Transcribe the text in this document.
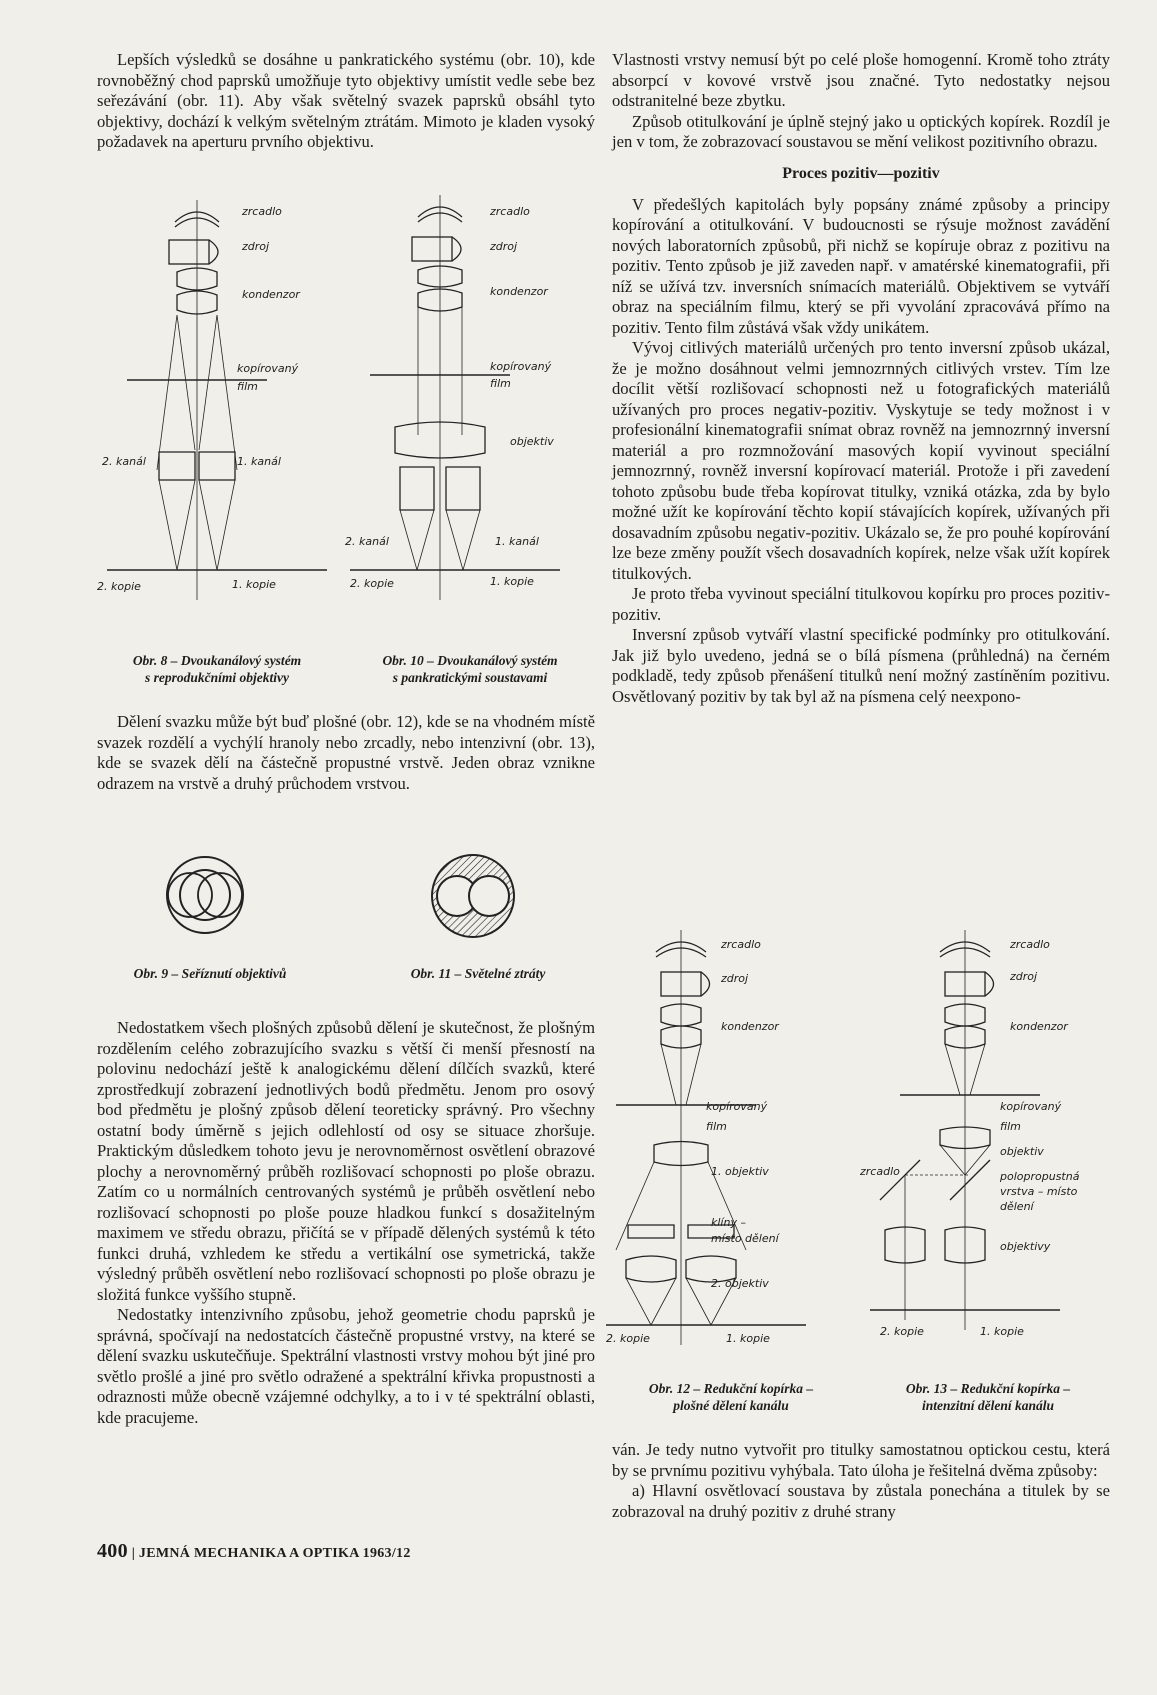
Lepších výsledků se dosáhne u pankratického systému (obr. 10), kde rovnoběžný chod paprsků umožňuje tyto objektivy umístit vedle sebe bez seřezávání (obr. 11). Aby však světelný svazek paprsků obsáhl tyto objektivy, dochází k velkým světelným ztrátám. Mimoto je kladen vysoký požadavek na aperturu prvního objektivu.

zrcadlo
zdroj
kondenzor
kopírovaný
film
2. kanál	1. kanál
2. kopie	1. kopie
zrcadlo
zdroj
kondenzor
kopírovaný
film
objektiv
2. kanál	1. kanál
2. kopie	1. kopie
Obr. 8 – Dvoukanálový systém
s reprodukčními objektivy
Obr. 10 – Dvoukanálový systém
s pankratickými soustavami

Dělení svazku může být buď plošné (obr. 12), kde se na vhodném místě svazek rozdělí a vychýlí hranoly nebo zrcadly, nebo intenzivní (obr. 13), kde se svazek dělí na částečně propustné vrstvě. Jeden obraz vznikne odrazem na vrstvě a druhý průchodem vrstvou.

Obr. 9 – Seříznutí objektivů	Obr. 11 – Světelné ztráty

Nedostatkem všech plošných způsobů dělení je skutečnost, že plošným rozdělením celého zobrazujícího svazku s větší či menší přesností na polovinu nedochází ještě k analogickému dělení dílčích svazků, které zprostředkují zobrazení jednotlivých bodů předmětu. Jenom pro osový bod předmětu je plošný způsob dělení teoreticky správný. Pro všechny ostatní body úměrně s jejich odlehlostí od osy se situace zhoršuje. Praktickým důsledkem tohoto jevu je nerovnoměrnost osvětlení obrazové plochy a nerovnoměrný průběh rozlišovací schopnosti po ploše obrazu. Zatím co u normálních centrovaných systémů je průběh osvětlení nebo rozlišovací schopnosti po ploše pouze hladkou funkcí s dosažitelným maximem ve středu obrazu, přičítá se v případě dělených systémů k této funkci druhá, vzhledem ke středu a vertikální ose symetrická, takže výsledný průběh osvětlení nebo rozlišovací schopnosti po ploše obrazu je složitá funkce vyššího stupně.

Nedostatky intenzivního způsobu, jehož geometrie chodu paprsků je správná, spočívají na nedostatcích částečně propustné vrstvy, na které se dělení svazku uskutečňuje. Spektrální vlastnosti vrstvy mohou být jiné pro světlo prošlé a jiné pro světlo odražené a spektrální křivka propustnosti a odraznosti může obecně vzájemné odchylky, a to i v té spektrální oblasti, kde pracujeme.

Vlastnosti vrstvy nemusí být po celé ploše homogenní. Kromě toho ztráty absorpcí v kovové vrstvě jsou značné. Tyto nedostatky nejsou odstranitelné beze zbytku.

Způsob otitulkování je úplně stejný jako u optických kopírek. Rozdíl je jen v tom, že zobrazovací soustavou se mění velikost pozitivního obrazu.

Proces pozitiv—pozitiv

V předešlých kapitolách byly popsány známé způsoby a principy kopírování a otitulkování. V budoucnosti se rýsuje možnost zavádění nových laboratorních způsobů, při nichž se kopíruje obraz z pozitivu na pozitiv. Tento způsob je již zaveden např. v amatérské kinematografii, při níž se užívá tzv. inversních snímacích materiálů. Objektivem se vytváří obraz na speciálním filmu, který se při vyvolání zpracovává přímo na pozitiv. Tento film zůstává však vždy unikátem.

Vývoj citlivých materiálů určených pro tento inversní způsob ukázal, že je možno dosáhnout velmi jemnozrnných citlivých vrstev. Tím lze docílit větší rozlišovací schopnosti než u fotografických materiálů užívaných pro proces negativ-pozitiv. Vyskytuje se tedy možnost i v profesionální kinematografii snímat obraz rovněž na jemnozrnný inversní materiál a pro rozmnožování masových kopií vyvinout speciální jemnozrnný, rovněž inversní kopírovací materiál. Protože i při zavedení tohoto způsobu bude třeba kopírovat titulky, vzniká otázka, zda by bylo možné užít ke kopírování těchto kopií stávajících kopírek, užívaných při dosavadním způsobu negativ-pozitiv. Ukázalo se, že pro pouhé kopírování lze beze změny použít všech dosavadních kopírek, nelze však užít kopírek titulkových.

Je proto třeba vyvinout speciální titulkovou kopírku pro proces pozitiv-pozitiv.

Inversní způsob vytváří vlastní specifické podmínky pro otitulkování. Jak již bylo uvedeno, jedná se o bílá písmena (průhledná) na černém podkladě, tedy způsob přenášení titulků není možný zastíněním pozitivu. Osvětlovaný pozitiv by tak byl až na písmena celý neexpono-

zrcadlo
zdroj
kondenzor
kopírovaný
film
1. objektiv
klíny –
místo dělení
2. objektiv
2. kopie	1. kopie
zrcadlo
zdroj
kondenzor
kopírovaný
film
objektiv
zrcadlo	polopropustná
vrstva – místo
dělení
objektivy
2. kopie	1. kopie
Obr. 12 – Redukční kopírka –
plošné dělení kanálu
Obr. 13 – Redukční kopírka –
intenzitní dělení kanálu

ván. Je tedy nutno vytvořit pro titulky samostatnou optickou cestu, která by se prvnímu pozitivu vyhýbala. Tato úloha je řešitelná dvěma způsoby:

a) Hlavní osvětlovací soustava by zůstala ponechána a titulek by se zobrazoval na druhý pozitiv z druhé strany

400 | JEMNÁ MECHANIKA A OPTIKA 1963/12
